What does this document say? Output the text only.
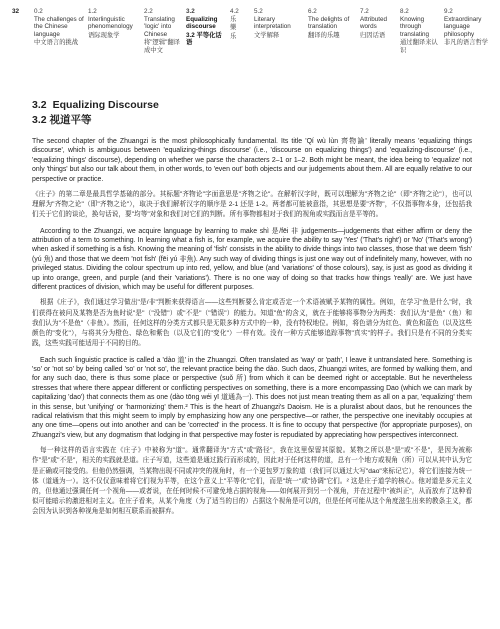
32	0.2
The challenges of the Chinese language
中文语言的挑战
1.2
Interlinguistic phenomenology
语际现象学
2.2
Translating 'logic' into Chinese
将"逻辑"翻译成中文
3.2
Equalizing discourse
3.2 平等化话语
4.2
乐
樂
乐
5.2
Literary interpretation
文学解释
6.2
The delights of translation
翻译的乐趣
7.2
Attributed words
归因话语
8.2
Knowing through translating
通过翻译来认识
9.2
Extraordinary language philosophy
非凡的语言哲学
3.2 Equalizing Discourse
3.2 视道平等

The second chapter of the Zhuangzi is the most philosophically fundamental. Its title 'Qí wù lùn 齊物論' literally means 'equalizing things discourse', which is ambiguous between 'equalizing-things discourse' (i.e., 'discourse on equalizing things') and 'equalizing-discourse' (i.e., 'equalizing things' discourse), depending on whether we parse the characters 2–1 or 1–2. Both might be meant, the idea being to 'equalize' not only 'things' but also our talk about them, in other words, to 'even out' both objects and our judgements about them. All are equally relative to our perspective or practice.

《庄子》的第二章是最具哲学基础的部分。其标题"齐物论"字面意思是"齐物之论"。在解析汉字时，既可以理解为"齐物之论"（即"齐物之论"），也可以理解为"齐物之论"（即"齐物之论"），取决于我们解析汉字的顺序是 2-1 还是 1-2。两者都可能被意指，其思想是要"齐物"，不仅指事物本身，还包括我们关于它们的谈论，换句话说，要"均等"对象和我们对它们的判断。所有事物都相对于我们的视角或实践而言是平等的。

According to the Zhuangzi, we acquire language by learning to make shì 是/fēi 非 judgements—judgements that either affirm or deny the attribution of a term to something. In learning what a fish is, for example, we acquire the ability to say 'Yes' ('That's right') or 'No' ('That's wrong') when asked if something is a fish. Knowing the meaning of 'fish' consists in the ability to divide things into two classes, those that we deem 'fish' (yú 魚) and those that we deem 'not fish' (fēi yú 非魚). Any such way of dividing things is just one way out of indefinitely many, however, with no privileged status. Dividing the colour spectrum up into red, yellow, and blue (and 'variations' of those colours), say, is just as good as dividing it up into orange, green, and purple (and their 'variations'). There is no one way of doing so that tracks how things 'really' are. We just have different practices of division, which may be useful for different purposes.

根据《庄子》，我们通过学习做出"是/非"判断来获得语言——这些判断要么肯定或否定一个术语被赋予某物的属性。例如，在学习"鱼是什么"时，我们获得在被问及某物是否为鱼时说"是"（"没错"）或"不是"（"错误"）的能力。知道"鱼"的含义，就在于能够将事物分为两类：我们认为"是鱼"（鱼）和我们认为"不是鱼"（非鱼）。然而，任何这样的分类方式都只是无限多种方式中的一种，没有特权地位。例如，将色谱分为红色、黄色和蓝色（以及这些颜色的"变化"），与将其分为橙色、绿色和紫色（以及它们的"变化"）一样有效。没有一种方式能够追踪事物"真实"的样子。我们只是有不同的分类实践，这些实践可能适用于不同的目的。

Each such linguistic practice is called a 'dào 道' in the Zhuangzi. Often translated as 'way' or 'path', I leave it untranslated here. Something is 'so' or 'not so' by being called 'so' or 'not so', the relevant practice being the dào. Such daos, Zhuangzi writes, are formed by walking them, and for any such dao, there is thus some place or perspective (suǒ 所) from which it can be deemed right or acceptable. But he nevertheless stresses that where there appear different or conflicting perspectives on something, there is a more encompassing Dao (which we can mark by capitalizing 'dao') that connects them as one (dào tōng wéi yī 道通為一). This does not just mean treating them as all on a par, 'equalizing' them in this sense, but 'unifying' or 'harmonizing' them.² This is the heart of Zhuangzi's Daoism. He is a pluralist about daos, but he renounces the radical relativism that this might seem to imply by emphasizing how any one perspective—or rather, the perspective one inevitably occupies at any one time—opens out into another and can be 'corrected' in the process. It is fine to occupy that perspective (for appropriate purposes), on Zhuangzi's view, but any dogmatism that lodging in that perspective may foster is repudiated by appreciating how perspectives interconnect.

每一种这样的语言实践在《庄子》中被称为"道"。通常翻译为"方式"或"路径"，我在这里保留其原貌。某物之所以是"是"或"不是"，是因为被称作"是"或"不是"，相关的实践就是道。庄子写道，这些道是通过践行而形成的，因此对于任何这样的道，总有一个地方或视角（所）可以从其中认为它是正确或可接受的。但他仍然强调，当某物出现不同或冲突的视角时，有一个更包罗万象的道（我们可以通过大写"dao"来标记它），将它们连接为统一体（道通为一）。这不仅仅意味着将它们视为平等，在这个意义上"平等化"它们，而是"统一"或"协调"它们。² 这是庄子道学的核心。他对道是多元主义的，但他通过强调任何一个视角——或者说，在任何时候不可避免地占据的视角——如何展开到另一个视角，并在过程中"被纠正"，从而放弃了这种看似可能暗示的激进相对主义。在庄子看来，从某个角度（为了适当的目的）占据这个视角是可以的，但是任何可能从这个角度滋生出来的教条主义，都会因为认识到各种视角是如何相互联系而被摒弃。
